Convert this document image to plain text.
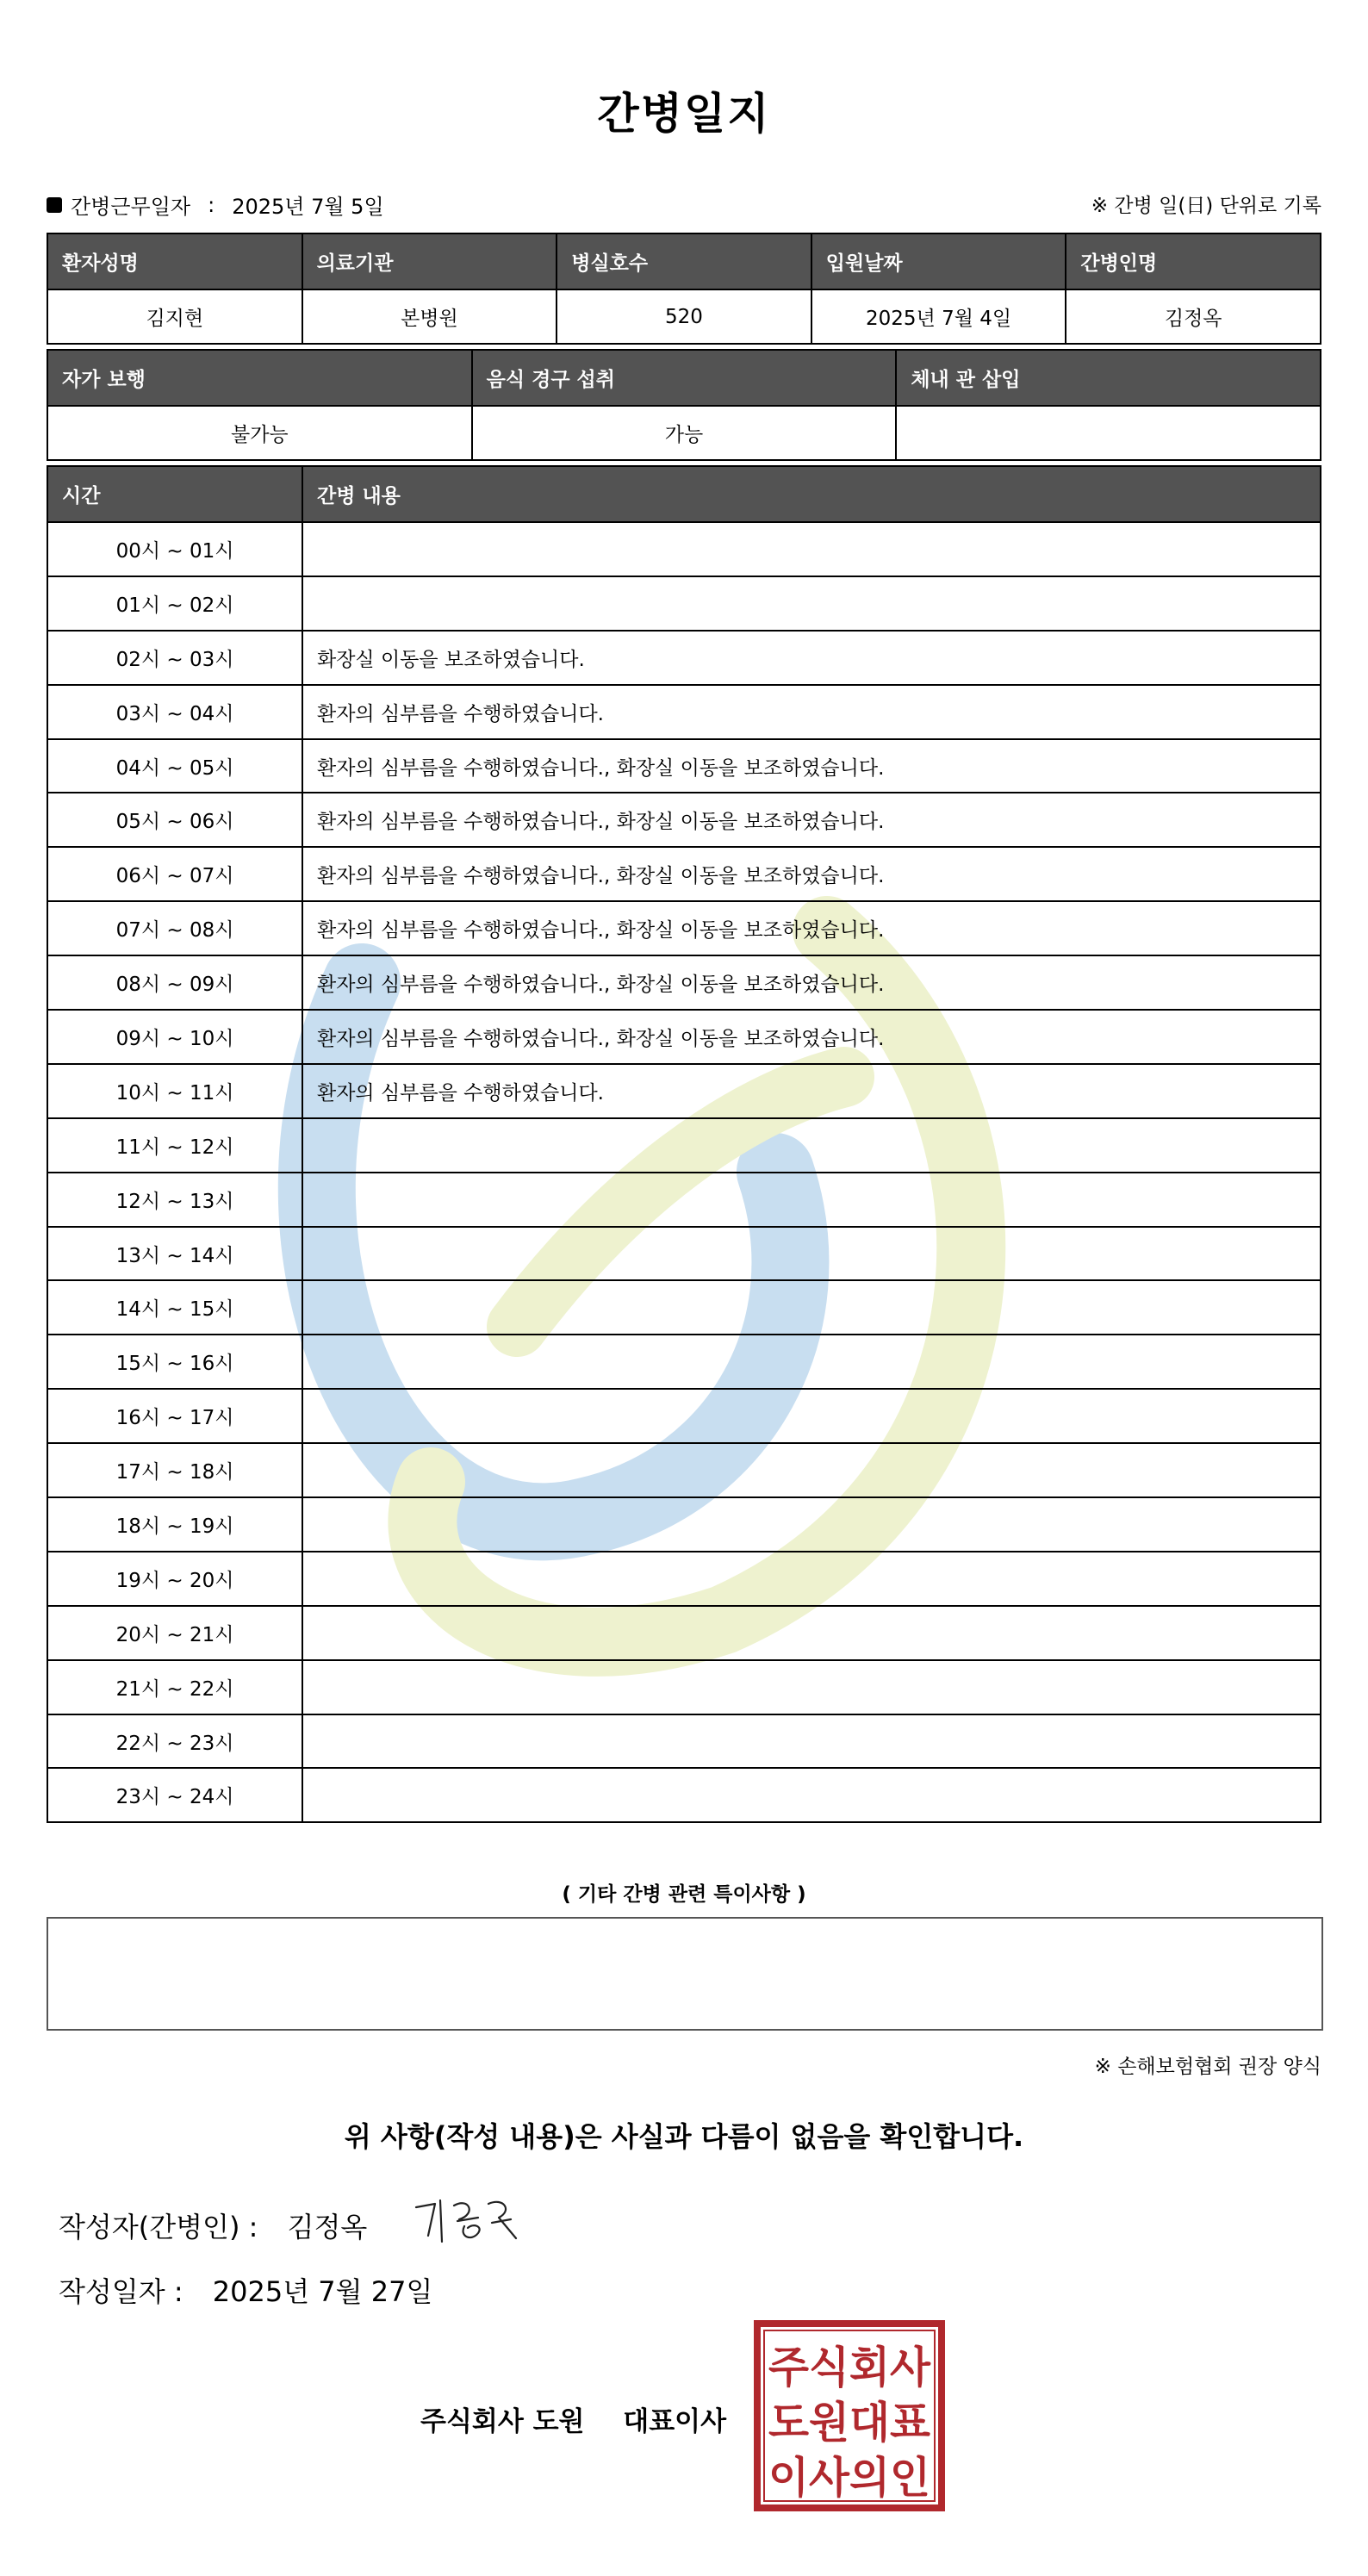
간병일지
간병근무일자 : 2025년 7월 5일	※ 간병 일(日) 단위로 기록
환자성명	의료기관	병실호수	입원날짜	간병인명
김지현	본병원	520	2025년 7월 4일	김정옥
자가 보행	음식 경구 섭취	체내 관 삽입
불가능	가능	
시간	간병 내용
00시 ~ 01시	
01시 ~ 02시	
02시 ~ 03시	화장실 이동을 보조하였습니다.
03시 ~ 04시	환자의 심부름을 수행하였습니다.
04시 ~ 05시	환자의 심부름을 수행하였습니다., 화장실 이동을 보조하였습니다.
05시 ~ 06시	환자의 심부름을 수행하였습니다., 화장실 이동을 보조하였습니다.
06시 ~ 07시	환자의 심부름을 수행하였습니다., 화장실 이동을 보조하였습니다.
07시 ~ 08시	환자의 심부름을 수행하였습니다., 화장실 이동을 보조하였습니다.
08시 ~ 09시	환자의 심부름을 수행하였습니다., 화장실 이동을 보조하였습니다.
09시 ~ 10시	환자의 심부름을 수행하였습니다., 화장실 이동을 보조하였습니다.
10시 ~ 11시	환자의 심부름을 수행하였습니다.
11시 ~ 12시	
12시 ~ 13시	
13시 ~ 14시	
14시 ~ 15시	
15시 ~ 16시	
16시 ~ 17시	
17시 ~ 18시	
18시 ~ 19시	
19시 ~ 20시	
20시 ~ 21시	
21시 ~ 22시	
22시 ~ 23시	
23시 ~ 24시	
( 기타 간병 관련 특이사항 )
※ 손해보험협회 권장 양식
위 사항(작성 내용)은 사실과 다름이 없음을 확인합니다.
작성자(간병인) : 김정옥
작성일자 : 2025년 7월 27일
주식회사 도원 대표이사
주식회사
도원대표
이사의인
